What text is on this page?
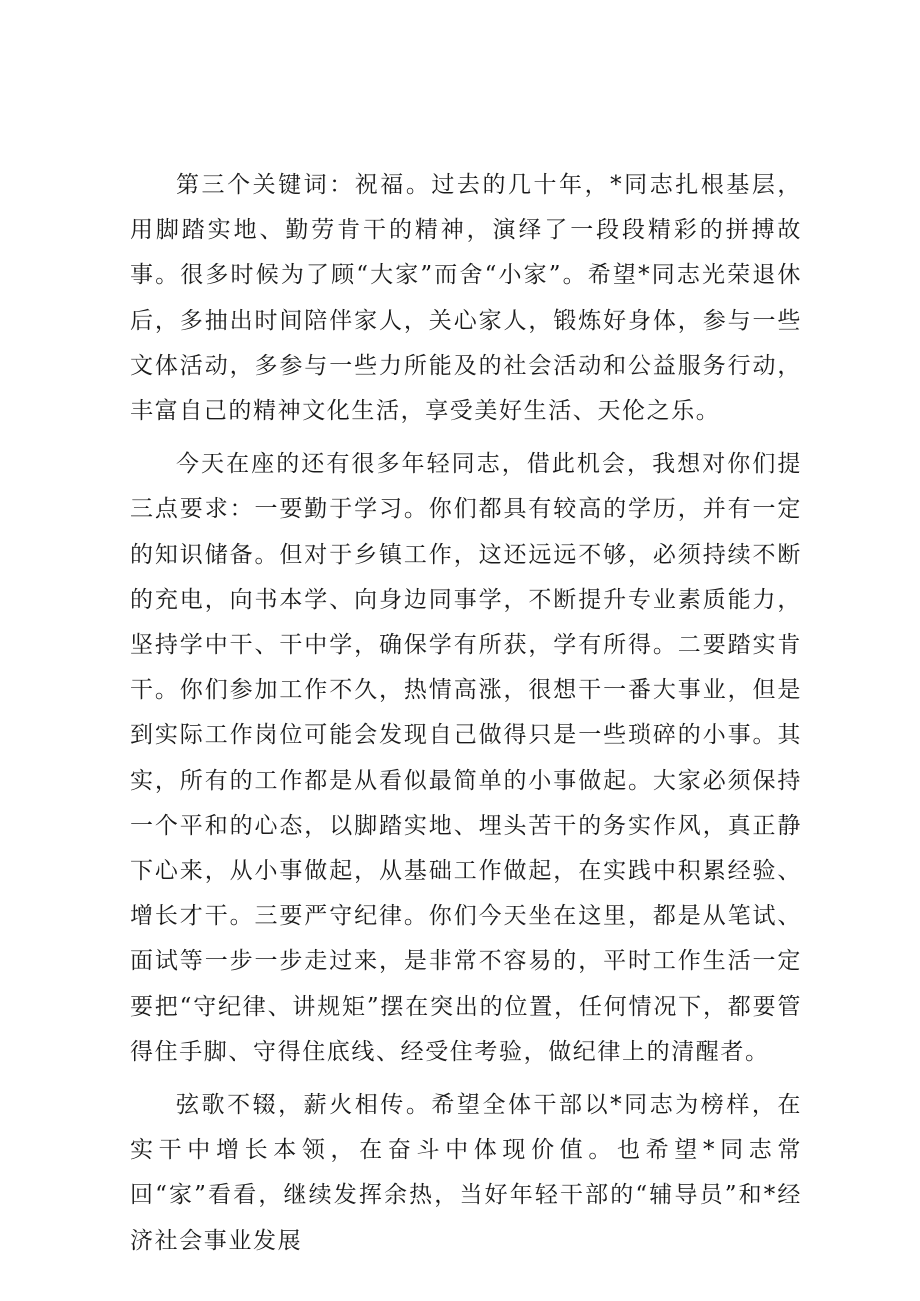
第三个关键词：祝福。过去的几十年，*同志扎根基层，用脚踏实地、勤劳肯干的精神，演绎了一段段精彩的拼搏故事。很多时候为了顾“大家”而舍“小家”。希望*同志光荣退休后，多抽出时间陪伴家人，关心家人，锻炼好身体，参与一些文体活动，多参与一些力所能及的社会活动和公益服务行动，丰富自己的精神文化生活，享受美好生活、天伦之乐。

今天在座的还有很多年轻同志，借此机会，我想对你们提三点要求：一要勤于学习。你们都具有较高的学历，并有一定的知识储备。但对于乡镇工作，这还远远不够，必须持续不断的充电，向书本学、向身边同事学，不断提升专业素质能力，坚持学中干、干中学，确保学有所获，学有所得。二要踏实肯干。你们参加工作不久，热情高涨，很想干一番大事业，但是到实际工作岗位可能会发现自己做得只是一些琐碎的小事。其实，所有的工作都是从看似最简单的小事做起。大家必须保持一个平和的心态，以脚踏实地、埋头苦干的务实作风，真正静下心来，从小事做起，从基础工作做起，在实践中积累经验、增长才干。三要严守纪律。你们今天坐在这里，都是从笔试、面试等一步一步走过来，是非常不容易的，平时工作生活一定要把“守纪律、讲规矩”摆在突出的位置，任何情况下，都要管得住手脚、守得住底线、经受住考验，做纪律上的清醒者。

弦歌不辍，薪火相传。希望全体干部以*同志为榜样，在实干中增长本领，在奋斗中体现价值。也希望*同志常回“家”看看，继续发挥余热，当好年轻干部的“辅导员”和*经济社会事业发展
